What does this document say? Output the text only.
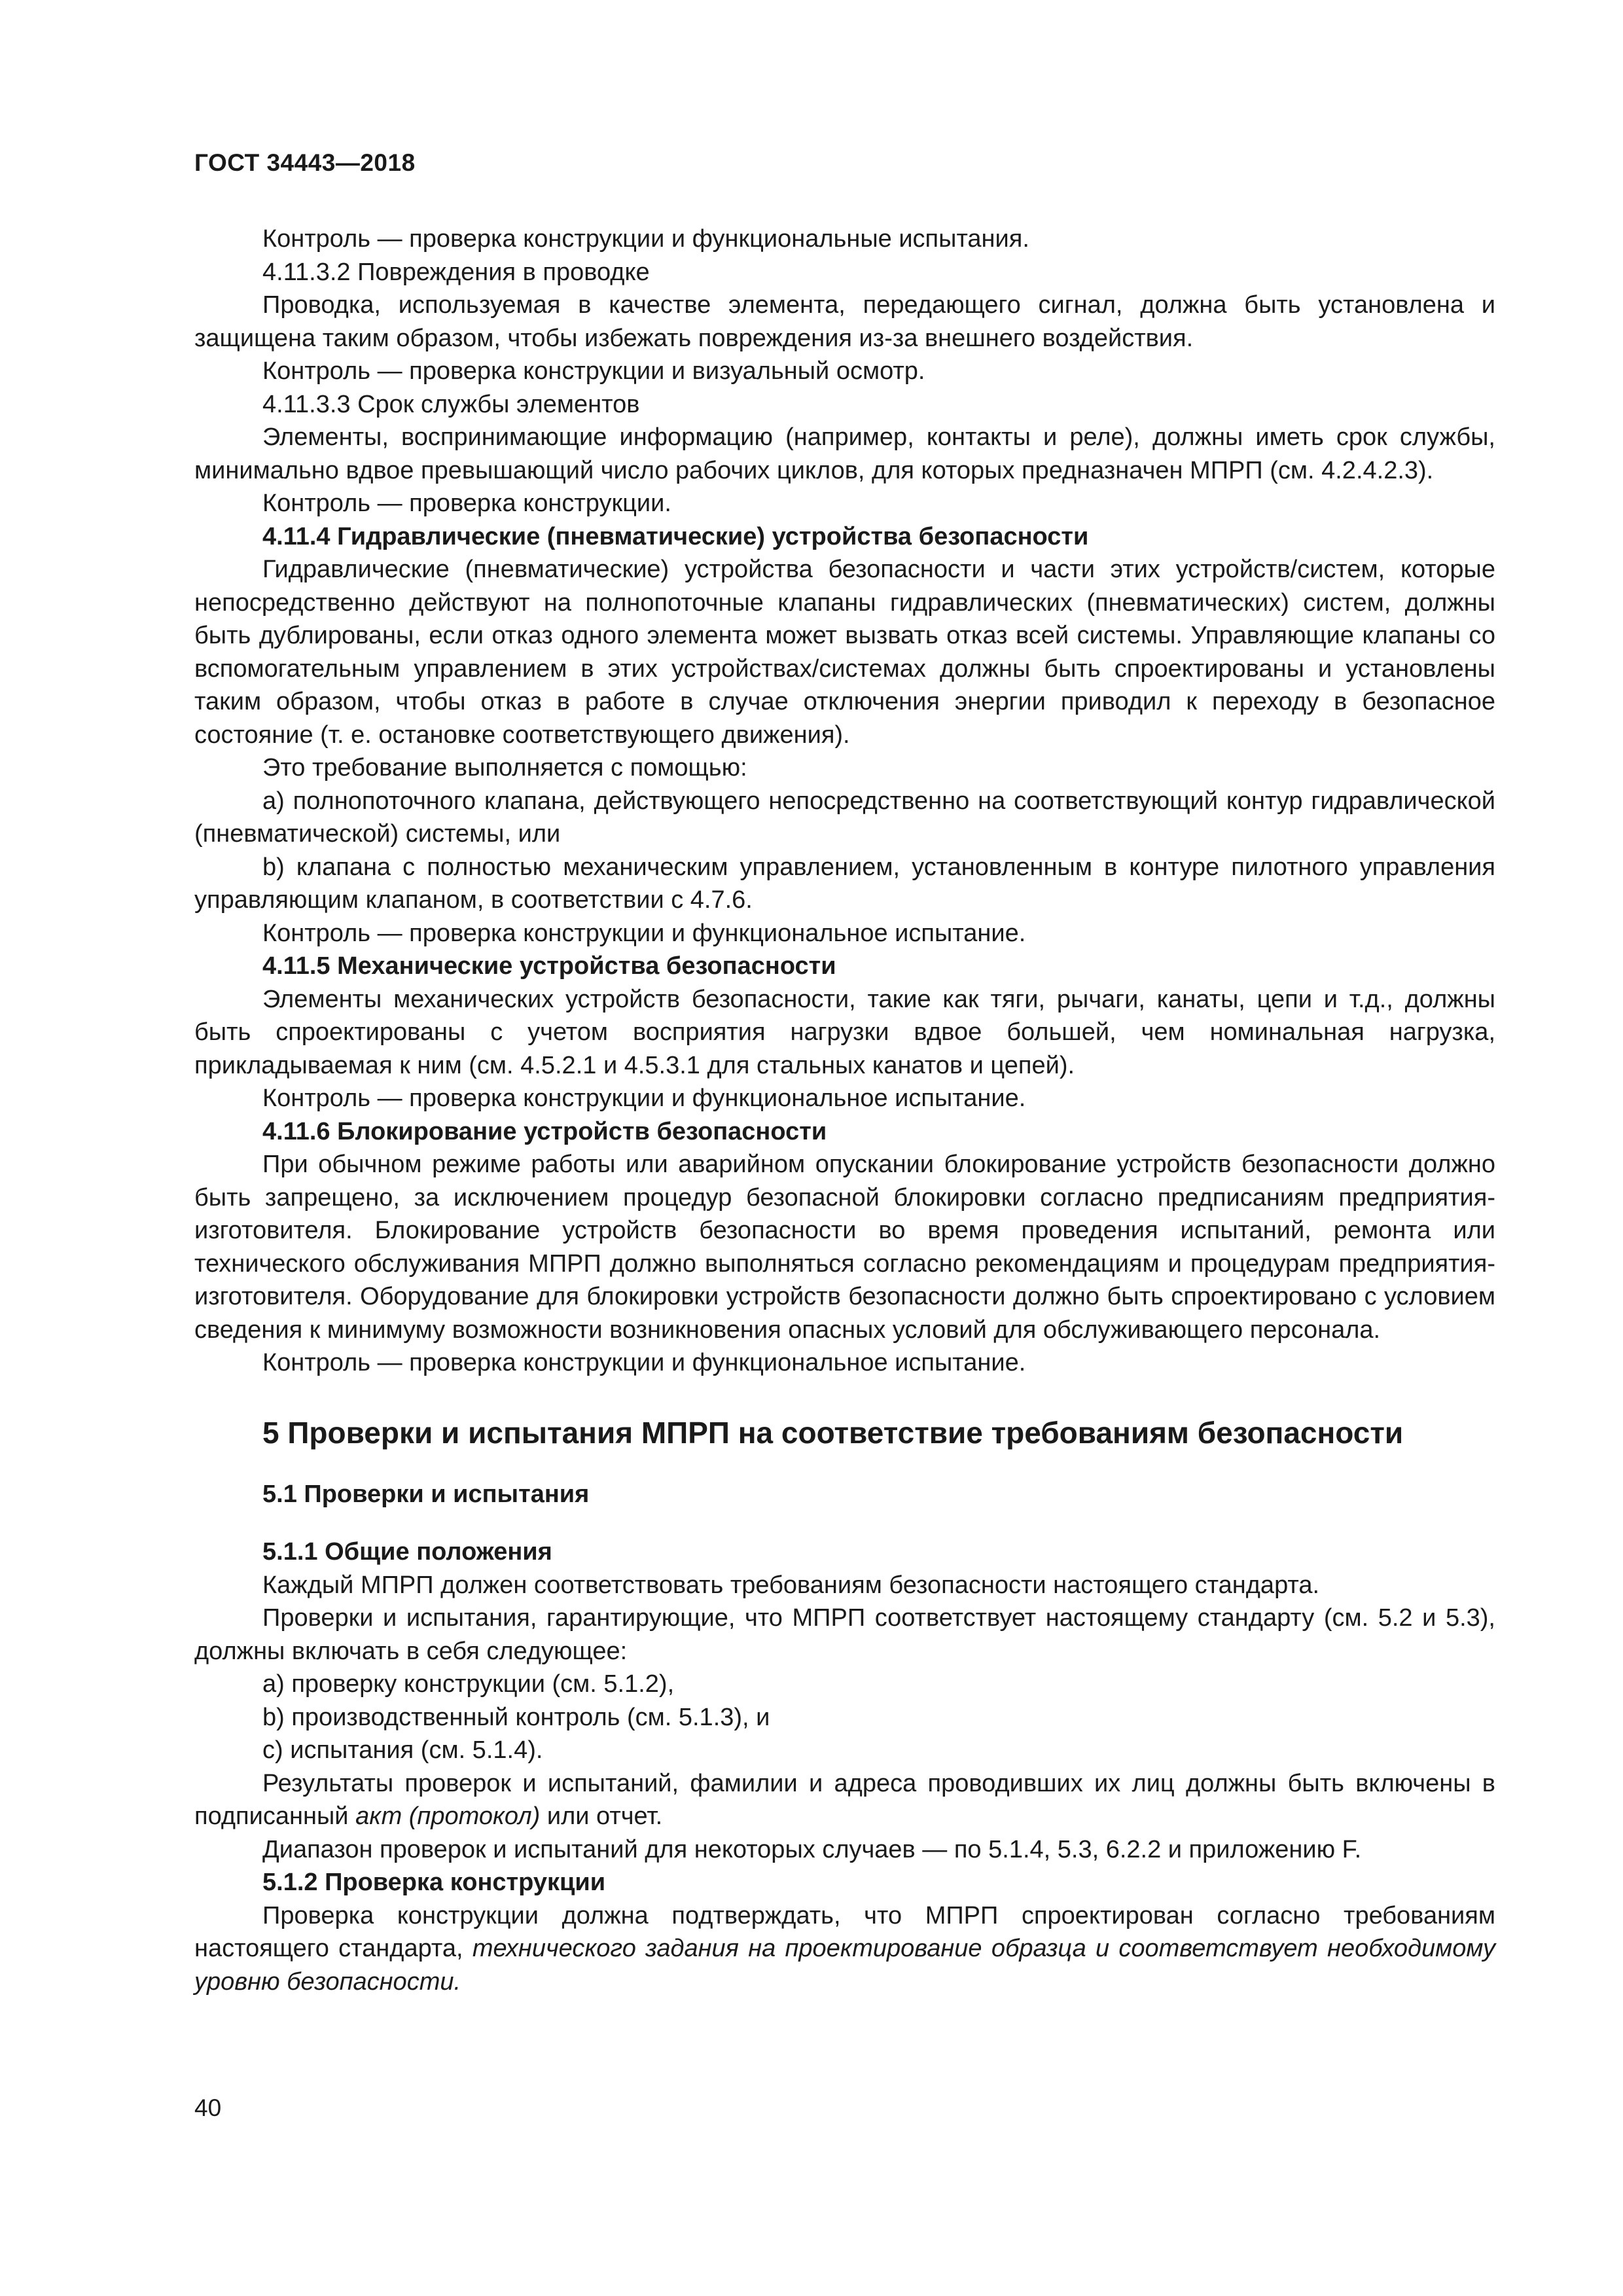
ГОСТ 34443—2018

Контроль — проверка конструкции и функциональные испытания.

4.11.3.2 Повреждения в проводке

Проводка, используемая в качестве элемента, передающего сигнал, должна быть установлена и защищена таким образом, чтобы избежать повреждения из-за внешнего воздействия.

Контроль — проверка конструкции и визуальный осмотр.

4.11.3.3 Срок службы элементов

Элементы, воспринимающие информацию (например, контакты и реле), должны иметь срок службы, минимально вдвое превышающий число рабочих циклов, для которых предназначен МПРП (см. 4.2.4.2.3).

Контроль — проверка конструкции.

4.11.4 Гидравлические (пневматические) устройства безопасности

Гидравлические (пневматические) устройства безопасности и части этих устройств/систем, которые непосредственно действуют на полнопоточные клапаны гидравлических (пневматических) систем, должны быть дублированы, если отказ одного элемента может вызвать отказ всей системы. Управляющие клапаны со вспомогательным управлением в этих устройствах/системах должны быть спроектированы и установлены таким образом, чтобы отказ в работе в случае отключения энергии приводил к переходу в безопасное состояние (т. е. остановке соответствующего движения).

Это требование выполняется с помощью:

a) полнопоточного клапана, действующего непосредственно на соответствующий контур гидравлической (пневматической) системы, или

b) клапана с полностью механическим управлением, установленным в контуре пилотного управления управляющим клапаном, в соответствии с 4.7.6.

Контроль — проверка конструкции и функциональное испытание.

4.11.5 Механические устройства безопасности

Элементы механических устройств безопасности, такие как тяги, рычаги, канаты, цепи и т.д., должны быть спроектированы с учетом восприятия нагрузки вдвое большей, чем номинальная нагрузка, прикладываемая к ним (см. 4.5.2.1 и 4.5.3.1 для стальных канатов и цепей).

Контроль — проверка конструкции и функциональное испытание.

4.11.6 Блокирование устройств безопасности

При обычном режиме работы или аварийном опускании блокирование устройств безопасности должно быть запрещено, за исключением процедур безопасной блокировки согласно предписаниям предприятия-изготовителя. Блокирование устройств безопасности во время проведения испытаний, ремонта или технического обслуживания МПРП должно выполняться согласно рекомендациям и процедурам предприятия-изготовителя. Оборудование для блокировки устройств безопасности должно быть спроектировано с условием сведения к минимуму возможности возникновения опасных условий для обслуживающего персонала.

Контроль — проверка конструкции и функциональное испытание.

5 Проверки и испытания МПРП на соответствие требованиям безопасности

5.1 Проверки и испытания

5.1.1 Общие положения

Каждый МПРП должен соответствовать требованиям безопасности настоящего стандарта.

Проверки и испытания, гарантирующие, что МПРП соответствует настоящему стандарту (см. 5.2 и 5.3), должны включать в себя следующее:

a) проверку конструкции (см. 5.1.2),

b) производственный контроль (см. 5.1.3), и

c) испытания (см. 5.1.4).

Результаты проверок и испытаний, фамилии и адреса проводивших их лиц должны быть включены в подписанный акт (протокол) или отчет.

Диапазон проверок и испытаний для некоторых случаев — по 5.1.4, 5.3, 6.2.2 и приложению F.

5.1.2 Проверка конструкции

Проверка конструкции должна подтверждать, что МПРП спроектирован согласно требованиям настоящего стандарта, технического задания на проектирование образца и соответствует необходимому уровню безопасности.

40
